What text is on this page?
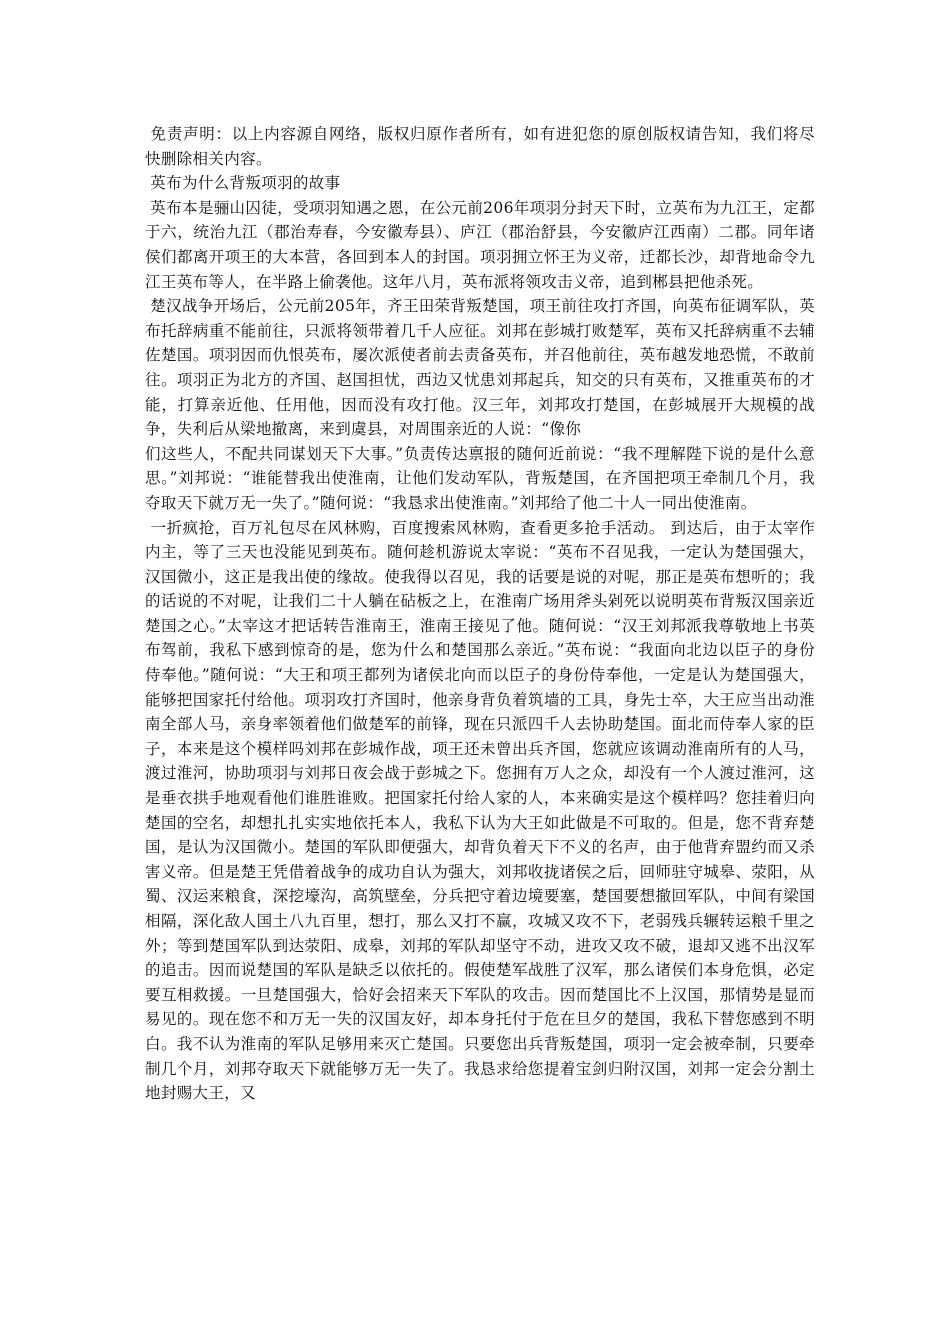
免责声明：以上内容源自网络，版权归原作者所有，如有进犯您的原创版权请告知，我们将尽快删除相关内容。

英布为什么背叛项羽的故事

英布本是骊山囚徒，受项羽知遇之恩，在公元前206年项羽分封天下时，立英布为九江王，定都于六，统治九江（郡治寿春，今安徽寿县）、庐江（郡治舒县，今安徽庐江西南）二郡。同年诸侯们都离开项王的大本营，各回到本人的封国。项羽拥立怀王为义帝，迁都长沙，却背地命令九江王英布等人，在半路上偷袭他。这年八月，英布派将领攻击义帝，追到郴县把他杀死。

楚汉战争开场后，公元前205年，齐王田荣背叛楚国，项王前往攻打齐国，向英布征调军队，英布托辞病重不能前往，只派将领带着几千人应征。刘邦在彭城打败楚军，英布又托辞病重不去辅佐楚国。项羽因而仇恨英布，屡次派使者前去责备英布，并召他前往，英布越发地恐慌，不敢前往。项羽正为北方的齐国、赵国担忧，西边又忧患刘邦起兵，知交的只有英布，又推重英布的才能，打算亲近他、任用他，因而没有攻打他。汉三年，刘邦攻打楚国，在彭城展开大规模的战争，失利后从梁地撤离，来到虞县，对周围亲近的人说：“像你

们这些人，不配共同谋划天下大事。”负责传达禀报的随何近前说：“我不理解陛下说的是什么意思。”刘邦说：“谁能替我出使淮南，让他们发动军队，背叛楚国，在齐国把项王牵制几个月，我夺取天下就万无一失了。”随何说：“我恳求出使淮南。”刘邦给了他二十人一同出使淮南。

一折疯抢，百万礼包尽在风林购，百度搜索风林购，查看更多抢手活动。 到达后，由于太宰作内主，等了三天也没能见到英布。随何趁机游说太宰说：“英布不召见我，一定认为楚国强大，汉国微小，这正是我出使的缘故。使我得以召见，我的话要是说的对呢，那正是英布想听的；我的话说的不对呢，让我们二十人躺在砧板之上，在淮南广场用斧头剁死以说明英布背叛汉国亲近楚国之心。”太宰这才把话转告淮南王，淮南王接见了他。随何说：“汉王刘邦派我尊敬地上书英布驾前，我私下感到惊奇的是，您为什么和楚国那么亲近。”英布说：“我面向北边以臣子的身份侍奉他。”随何说：“大王和项王都列为诸侯北向而以臣子的身份侍奉他，一定是认为楚国强大，能够把国家托付给他。项羽攻打齐国时，他亲身背负着筑墙的工具，身先士卒，大王应当出动淮南全部人马，亲身率领着他们做楚军的前锋，现在只派四千人去协助楚国。面北而侍奉人家的臣子，本来是这个模样吗刘邦在彭城作战，项王还未曾出兵齐国，您就应该调动淮南所有的人马，渡过淮河，协助项羽与刘邦日夜会战于彭城之下。您拥有万人之众，却没有一个人渡过淮河，这是垂衣拱手地观看他们谁胜谁败。把国家托付给人家的人，本来确实是这个模样吗？您挂着归向楚国的空名，却想扎扎实实地依托本人，我私下认为大王如此做是不可取的。但是，您不背弃楚国，是认为汉国微小。楚国的军队即便强大，却背负着天下不义的名声，由于他背弃盟约而又杀害义帝。但是楚王凭借着战争的成功自认为强大，刘邦收拢诸侯之后，回师驻守城皋、荥阳，从蜀、汉运来粮食，深挖壕沟，高筑壁垒，分兵把守着边境要塞，楚国要想撤回军队，中间有梁国相隔，深化敌人国土八九百里，想打，那么又打不赢，攻城又攻不下，老弱残兵辗转运粮千里之外；等到楚国军队到达荥阳、成皋，刘邦的军队却坚守不动，进攻又攻不破，退却又逃不出汉军的追击。因而说楚国的军队是缺乏以依托的。假使楚军战胜了汉军，那么诸侯们本身危惧，必定要互相救援。一旦楚国强大，恰好会招来天下军队的攻击。因而楚国比不上汉国，那情势是显而易见的。现在您不和万无一失的汉国友好，却本身托付于危在旦夕的楚国，我私下替您感到不明白。我不认为淮南的军队足够用来灭亡楚国。只要您出兵背叛楚国，项羽一定会被牵制，只要牵制几个月，刘邦夺取天下就能够万无一失了。我恳求给您提着宝剑归附汉国，刘邦一定会分割土地封赐大王，又
